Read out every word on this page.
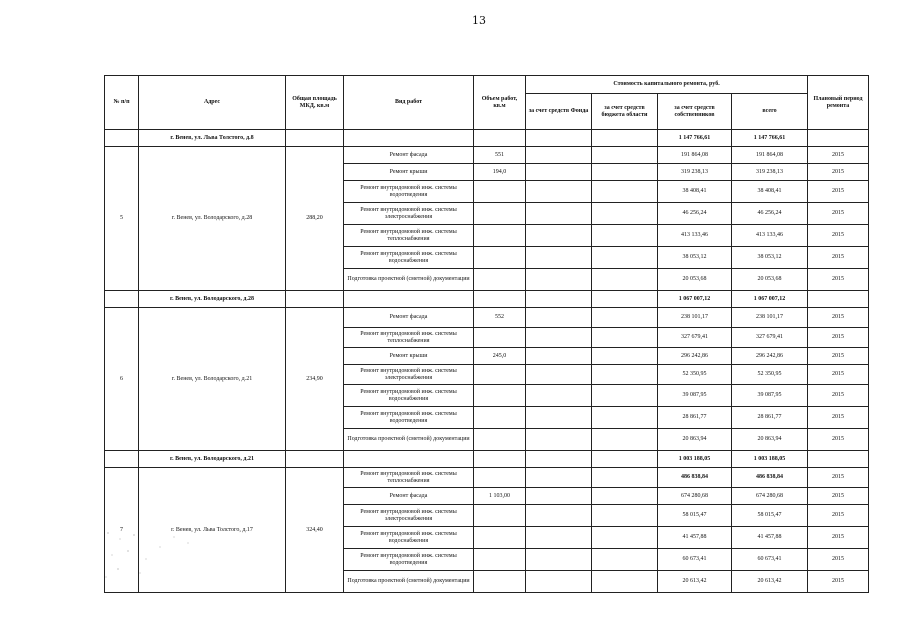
13
№ п/п	Адрес	Общая площадь МКД, кв.м	Вид работ	Объем работ, кв.м	Стоимость капитального ремонта, руб.				Плановый период ремонта
					за счет средств Фонда	за счет средств бюджета области	за счет средств собственников	всего	
	г. Венев, ул. Льва Толстого, д.8						1 147 766,61	1 147 766,61	
5	г. Венев, ул. Володарского, д.28	288,20	Ремонт фасада	551			191 864,08	191 864,08	2015
			Ремонт крыши	194,0			319 238,13	319 238,13	2015
			Ремонт внутридомовой инж. системы водоотведения				38 408,41	38 408,41	2015
			Ремонт внутридомовой инж. системы электроснабжения				46 256,24	46 256,24	2015
			Ремонт внутридомовой инж. системы теплоснабжения				413 133,46	413 133,46	2015
			Ремонт внутридомовой инж. системы водоснабжения				38 053,12	38 053,12	2015
			Подготовка проектной (сметной) документации				20 053,68	20 053,68	2015
	г. Венев, ул. Володарского, д.28						1 067 007,12	1 067 007,12	
6	г. Венев, ул. Володарского, д.21	234,90	Ремонт фасада	552			238 101,17	238 101,17	2015
			Ремонт внутридомовой инж. системы теплоснабжения				327 679,41	327 679,41	2015
			Ремонт крыши	245,0			296 242,86	296 242,86	2015
			Ремонт внутридомовой инж. системы электроснабжения				52 350,95	52 350,95	2015
			Ремонт внутридомовой инж. системы водоснабжения				39 087,95	39 087,95	2015
			Ремонт внутридомовой инж. системы водоотведения				28 861,77	28 861,77	2015
			Подготовка проектной (сметной) документации				20 863,94	20 863,94	2015
	г. Венев, ул. Володарского, д.21						1 003 188,05	1 003 188,05	
7	г. Венев, ул. Льва Толстого, д.17	324,40	Ремонт внутридомовой инж. системы теплоснабжения				486 838,84	486 838,84	2015
			Ремонт фасада	1 103,00			674 280,68	674 280,68	2015
			Ремонт внутридомовой инж. системы электроснабжения				58 015,47	58 015,47	2015
			Ремонт внутридомовой инж. системы водоснабжения				41 457,88	41 457,88	2015
			Ремонт внутридомовой инж. системы водоотведения				60 673,41	60 673,41	2015
			Подготовка проектной (сметной) документации				20 613,42	20 613,42	2015
